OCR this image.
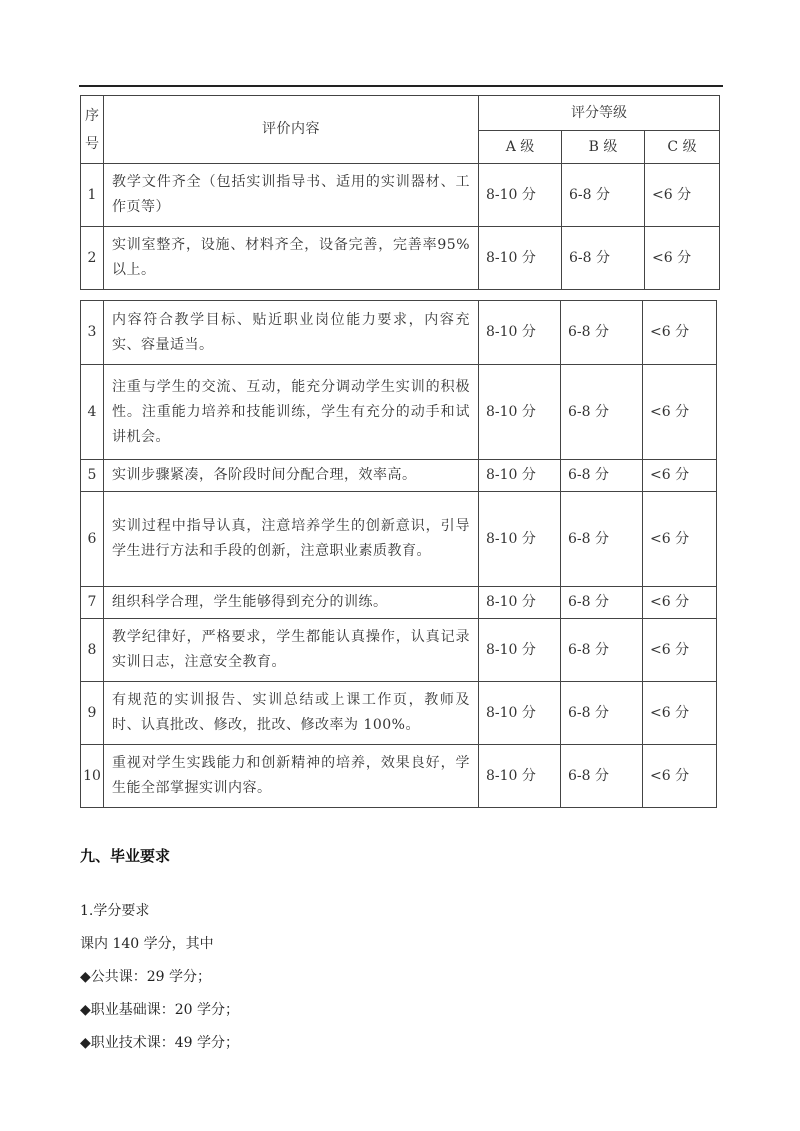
序号	评价内容	评分等级		
		A 级	B 级	C 级
1	教学文件齐全（包括实训指导书、适用的实训器材、工作页等）	8-10 分	6-8 分	<6 分
2	实训室整齐，设施、材料齐全，设备完善，完善率95%以上。	8-10 分	6-8 分	<6 分
3	内容符合教学目标、贴近职业岗位能力要求，内容充实、容量适当。	8-10 分	6-8 分	<6 分
4	注重与学生的交流、互动，能充分调动学生实训的积极性。注重能力培养和技能训练，学生有充分的动手和试讲机会。	8-10 分	6-8 分	<6 分
5	实训步骤紧凑，各阶段时间分配合理，效率高。	8-10 分	6-8 分	<6 分
6	实训过程中指导认真，注意培养学生的创新意识，引导学生进行方法和手段的创新，注意职业素质教育。	8-10 分	6-8 分	<6 分
7	组织科学合理，学生能够得到充分的训练。	8-10 分	6-8 分	<6 分
8	教学纪律好，严格要求，学生都能认真操作，认真记录实训日志，注意安全教育。	8-10 分	6-8 分	<6 分
9	有规范的实训报告、实训总结或上课工作页，教师及时、认真批改、修改，批改、修改率为 100%。	8-10 分	6-8 分	<6 分
10	重视对学生实践能力和创新精神的培养，效果良好，学生能全部掌握实训内容。	8-10 分	6-8 分	<6 分
九、毕业要求
1.学分要求
课内 140 学分，其中
◆公共课：29 学分；
◆职业基础课：20 学分；
◆职业技术课：49 学分；
